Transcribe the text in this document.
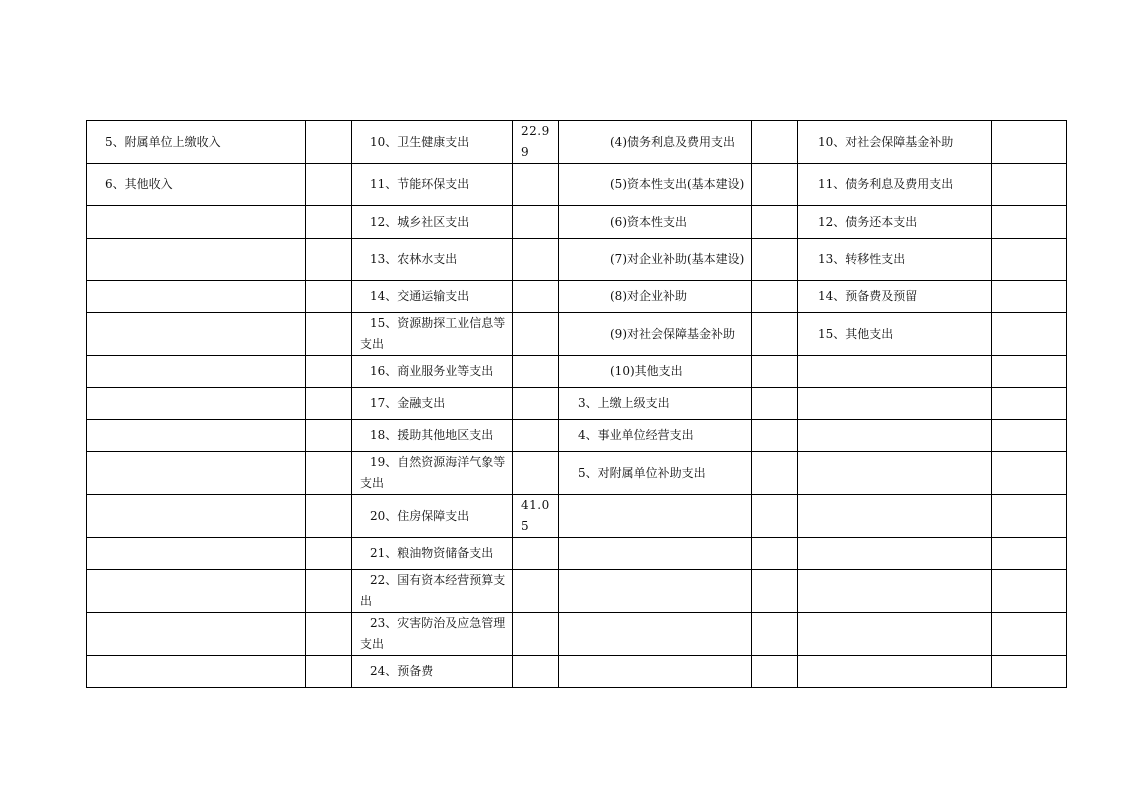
5、附属单位上缴收入		10、卫生健康支出	22.99	(4)债务利息及费用支出		10、对社会保障基金补助	
6、其他收入		11、节能环保支出		(5)资本性支出(基本建设)		11、债务利息及费用支出	
		12、城乡社区支出		(6)资本性支出		12、债务还本支出	
		13、农林水支出		(7)对企业补助(基本建设)		13、转移性支出	
		14、交通运输支出		(8)对企业补助		14、预备费及预留	
		15、资源勘探工业信息等支出		(9)对社会保障基金补助		15、其他支出	
		16、商业服务业等支出		(10)其他支出			
		17、金融支出		3、上缴上级支出			
		18、援助其他地区支出		4、事业单位经营支出			
		19、自然资源海洋气象等支出		5、对附属单位补助支出			
		20、住房保障支出	41.05				
		21、粮油物资储备支出					
		22、国有资本经营预算支出					
		23、灾害防治及应急管理支出					
		24、预备费					
